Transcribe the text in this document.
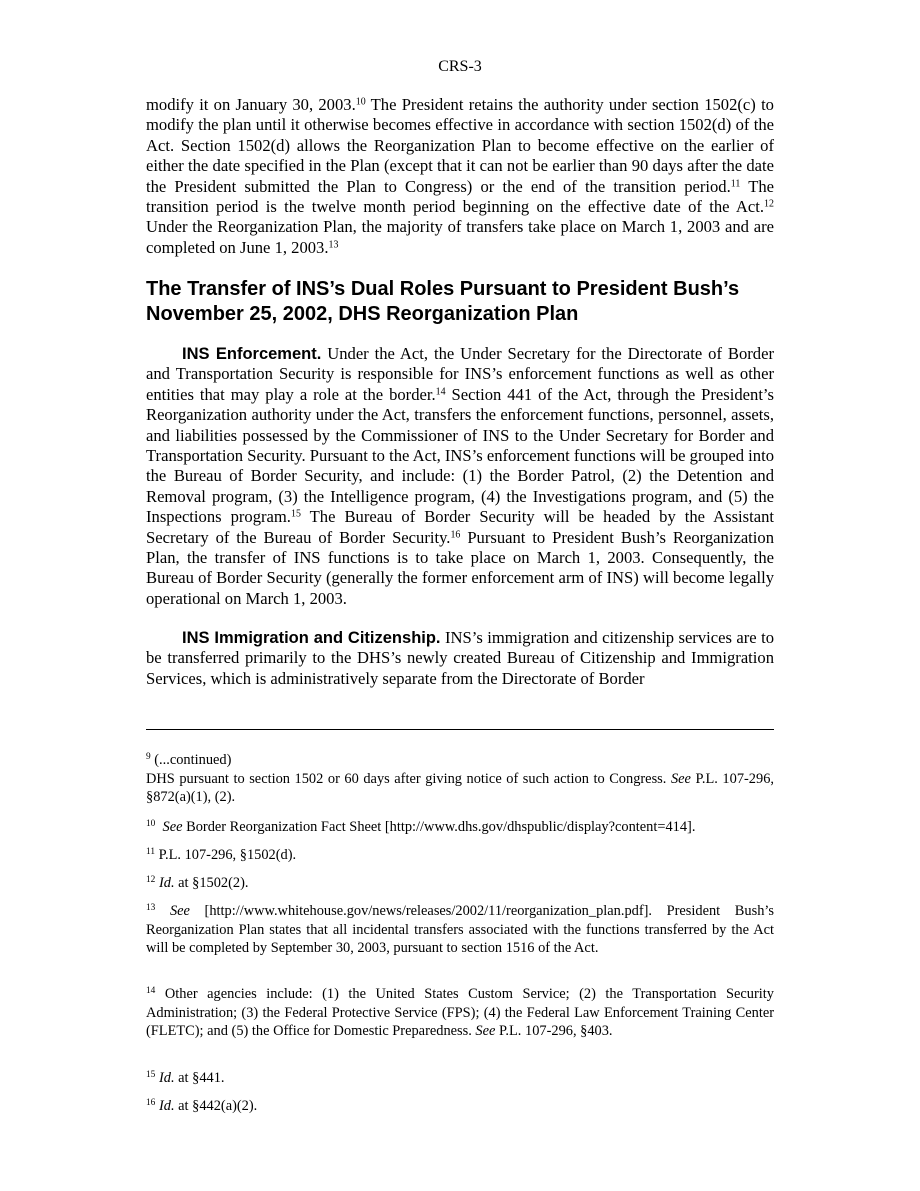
CRS-3

modify it on January 30, 2003.10 The President retains the authority under section 1502(c) to modify the plan until it otherwise becomes effective in accordance with section 1502(d) of the Act. Section 1502(d) allows the Reorganization Plan to become effective on the earlier of either the date specified in the Plan (except that it can not be earlier than 90 days after the date the President submitted the Plan to Congress) or the end of the transition period.$^{11}$ The transition period is the twelve month period beginning on the effective date of the Act.$^{12}$ Under the Reorganization Plan, the majority of transfers take place on March 1, 2003 and are completed on June 1, 2003.13

The Transfer of INS’s Dual Roles Pursuant to President Bush’s November 25, 2002, DHS Reorganization Plan

INS Enforcement. Under the Act, the Under Secretary for the Directorate of Border and Transportation Security is responsible for INS’s enforcement functions as well as other entities that may play a role at the border.$^{14}$ Section 441 of the Act, through the President’s Reorganization authority under the Act, transfers the enforcement functions, personnel, assets, and liabilities possessed by the Commissioner of INS to the Under Secretary for Border and Transportation Security. Pursuant to the Act, INS’s enforcement functions will be grouped into the Bureau of Border Security, and include: (1) the Border Patrol, (2) the Detention and Removal program, (3) the Intelligence program, (4) the Investigations program, and (5) the Inspections program.$^{15}$ The Bureau of Border Security will be headed by the Assistant Secretary of the Bureau of Border Security.$^{16}$ Pursuant to President Bush’s Reorganization Plan, the transfer of INS functions is to take place on March 1, 2003. Consequently, the Bureau of Border Security (generally the former enforcement arm of INS) will become legally operational on March 1, 2003.

INS Immigration and Citizenship. INS’s immigration and citizenship services are to be transferred primarily to the DHS’s newly created Bureau of Citizenship and Immigration Services, which is administratively separate from the Directorate of Border

$^9$ (...continued)
DHS pursuant to section 1502 or 60 days after giving notice of such action to Congress. See P.L. 107-296, §872(a)(1), (2).

$^{10}$ See Border Reorganization Fact Sheet [http://www.dhs.gov/dhspublic/display?content=414].

$^{11}$ P.L. 107-296, §1502(d).

$^{12}$ Id. at §1502(2).

$^{13}$ See [http://www.whitehouse.gov/news/releases/2002/11/reorganization_plan.pdf]. President Bush’s Reorganization Plan states that all incidental transfers associated with the functions transferred by the Act will be completed by September 30, 2003, pursuant to section 1516 of the Act.

$^{14}$ Other agencies include: (1) the United States Custom Service; (2) the Transportation Security Administration; (3) the Federal Protective Service (FPS); (4) the Federal Law Enforcement Training Center (FLETC); and (5) the Office for Domestic Preparedness. See P.L. 107-296, §403.

$^{15}$ Id. at §441.

$^{16}$ Id. at §442(a)(2).
